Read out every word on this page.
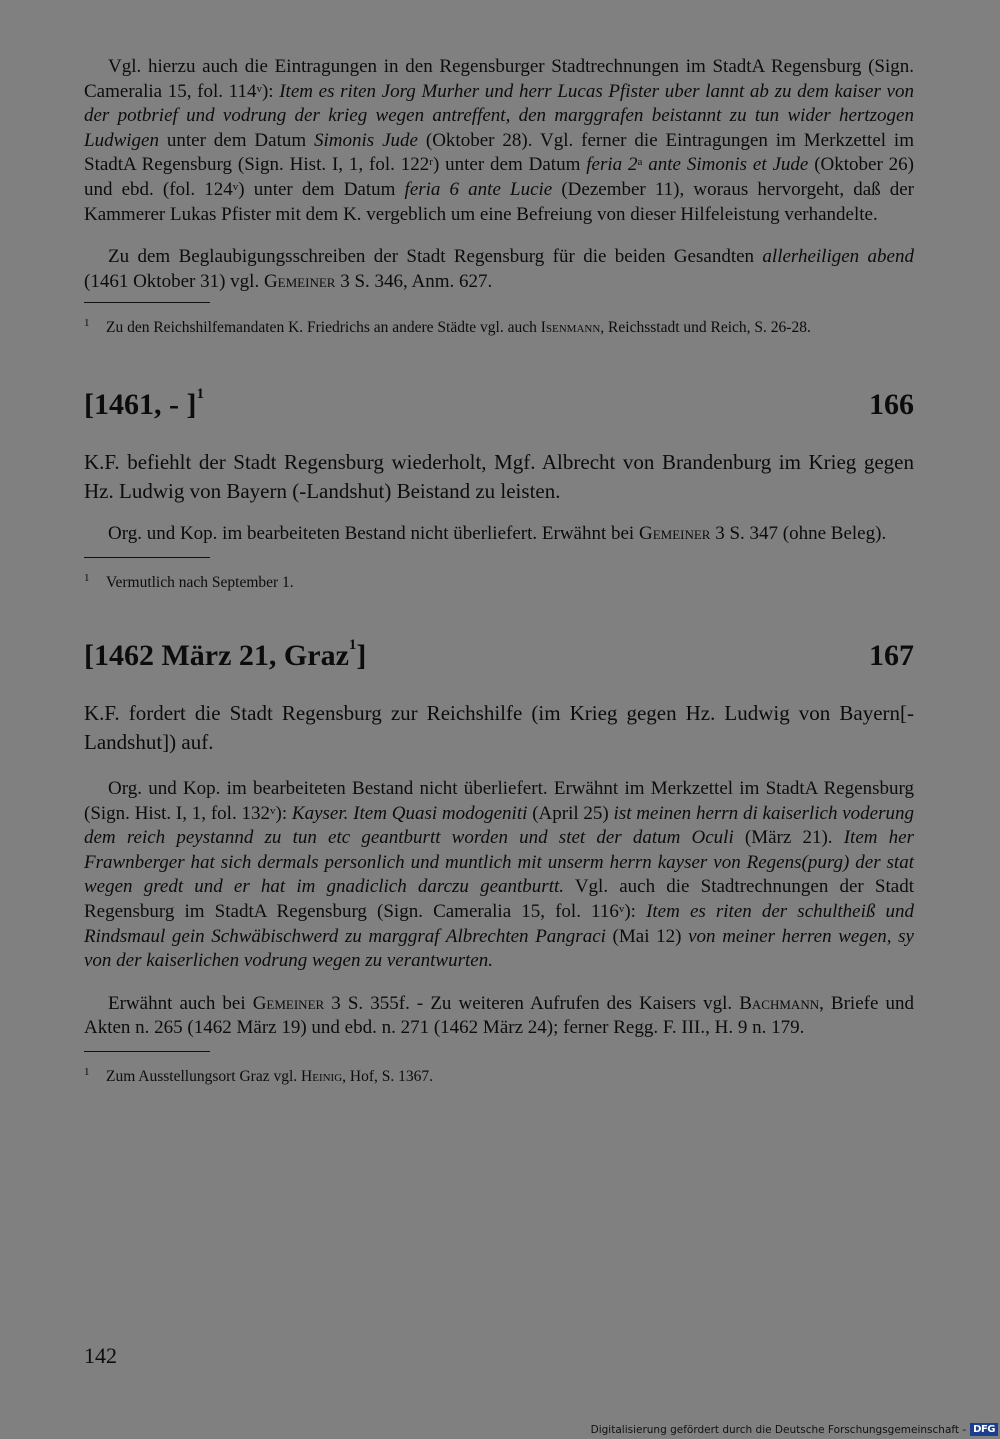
Vgl. hierzu auch die Eintragungen in den Regensburger Stadtrechnungen im StadtA Regensburg (Sign. Cameralia 15, fol. 114$^v$): Item es riten Jorg Murher und herr Lucas Pfister uber lannt ab zu dem kaiser von der potbrief und vodrung der krieg wegen antreffent, den marggrafen beistannt zu tun wider hertzogen Ludwigen unter dem Datum Simonis Jude (Oktober 28). Vgl. ferner die Eintragungen im Merkzettel im StadtA Regensburg (Sign. Hist. I, 1, fol. 122$^r$) unter dem Datum feria 2$^a$ ante Simonis et Jude (Oktober 26) und ebd. (fol. 124$^v$) unter dem Datum feria 6 ante Lucie (Dezember 11), woraus hervorgeht, daß der Kammerer Lukas Pfister mit dem K. vergeblich um eine Befreiung von dieser Hilfeleistung verhandelte.

Zu dem Beglaubigungsschreiben der Stadt Regensburg für die beiden Gesandten allerheiligen abend (1461 Oktober 31) vgl. Gemeiner 3 S. 346, Anm. 627.

1 Zu den Reichshilfemandaten K. Friedrichs an andere Städte vgl. auch Isenmann, Reichsstadt und Reich, S. 26-28.

[1461, - ]$^1$	166

K.F. befiehlt der Stadt Regensburg wiederholt, Mgf. Albrecht von Brandenburg im Krieg gegen Hz. Ludwig von Bayern (-Landshut) Beistand zu leisten.

Org. und Kop. im bearbeiteten Bestand nicht überliefert. Erwähnt bei Gemeiner 3 S. 347 (ohne Beleg).

1 Vermutlich nach September 1.

[1462 März 21, Graz$^1$]	167

K.F. fordert die Stadt Regensburg zur Reichshilfe (im Krieg gegen Hz. Ludwig von Bayern[-Landshut]) auf.

Org. und Kop. im bearbeiteten Bestand nicht überliefert. Erwähnt im Merkzettel im StadtA Regensburg (Sign. Hist. I, 1, fol. 132$^v$): Kayser. Item Quasi modogeniti (April 25) ist meinen herrn di kaiserlich voderung dem reich peystannd zu tun etc geantburtt worden und stet der datum Oculi (März 21). Item her Frawnberger hat sich dermals personlich und muntlich mit unserm herrn kayser von Regens(purg) der stat wegen gredt und er hat im gnadiclich darczu geantburtt. Vgl. auch die Stadtrechnungen der Stadt Regensburg im StadtA Regensburg (Sign. Cameralia 15, fol. 116$^v$): Item es riten der schultheiß und Rindsmaul gein Schwäbischwerd zu marggraf Albrechten Pangraci (Mai 12) von meiner herren wegen, sy von der kaiserlichen vodrung wegen zu verantwurten.

Erwähnt auch bei Gemeiner 3 S. 355f. - Zu weiteren Aufrufen des Kaisers vgl. Bachmann, Briefe und Akten n. 265 (1462 März 19) und ebd. n. 271 (1462 März 24); ferner Regg. F. III., H. 9 n. 179.

1 Zum Ausstellungsort Graz vgl. Heinig, Hof, S. 1367.

142
Digitalisierung gefördert durch die Deutsche Forschungsgemeinschaft - DFG
